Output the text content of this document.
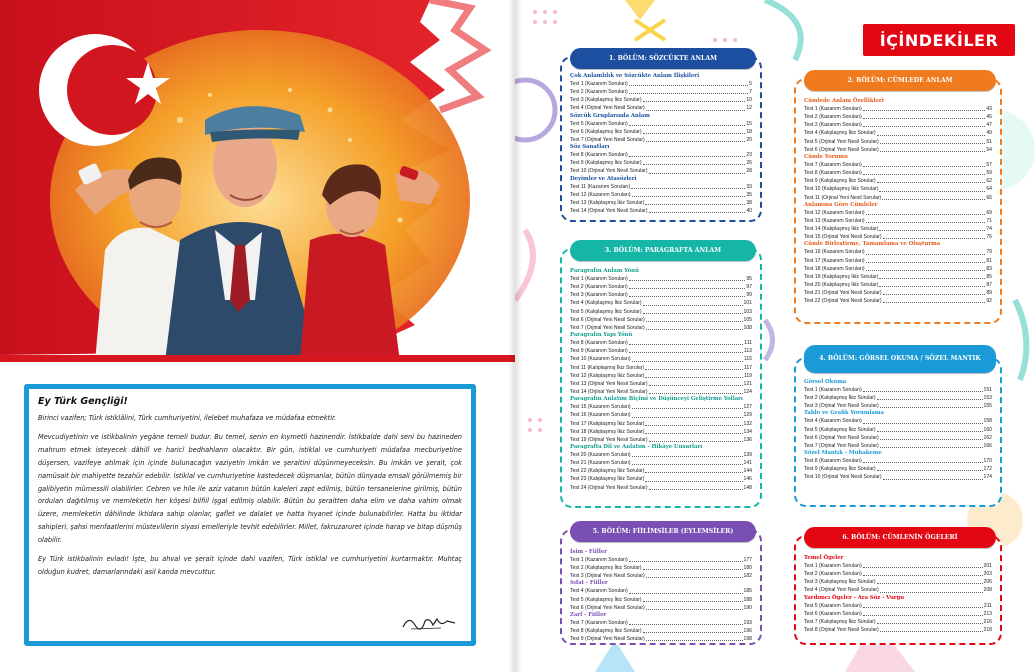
Ey Türk Gençliği!

Birinci vazifen; Türk istiklâlini, Türk cumhuriyetini, ilelebet muhafaza ve müdafaa etmektir.

Mevcudiyetinin ve istikbalinin yegâne temeli budur. Bu temel, senin en kıymetli hazinendir. İstikbalde dahi seni bu hazineden mahrum etmek isteyecek dâhilî ve haricî bedhahların olacaktır. Bir gün, istiklal ve cumhuriyeti müdafaa mecburiyetine düşersen, vazifeye atılmak için içinde bulunacağın vaziyetin imkân ve şeraitini düşünmeyeceksin. Bu imkân ve şerait, çok namüsait bir mahiyette tezahür edebilir. İstiklal ve cumhuriyetine kastedecek düşmanlar, bütün dünyada emsali görülmemiş bir galibiyetin mümessili olabilirler. Cebren ve hile ile aziz vatanın bütün kaleleri zapt edilmiş, bütün tersanelerine girilmiş, bütün orduları dağıtılmış ve memleketin her köşesi bilfiil işgal edilmiş olabilir. Bütün bu şeraitten daha elim ve daha vahim olmak üzere, memleketin dâhilinde iktidara sahip olanlar, gaflet ve dalalet ve hatta hıyanet içinde bulunabilirler. Hatta bu iktidar sahipleri, şahsi menfaatlerini müstevlilerin siyasi emelleriyle tevhit edebilirler. Millet, fakruzaruret içinde harap ve bitap düşmüş olabilir.

Ey Türk istikbalinin evladı! İşte, bu ahval ve şerait içinde dahi vazifen, Türk istiklal ve cumhuriyetini kurtarmaktır. Muhtaç olduğun kudret, damarlarındaki asil kanda mevcuttur.

İÇİNDEKİLER
1. BÖLÜM: SÖZCÜKTE ANLAM
Çok Anlamlılık ve Sözcükte Anlam İlişkileri
Test 1 (Kazanım Soruları)	5
Test 2 (Kazanım Soruları)	7
Test 3 (Kalıplaşmış İkiz Sorular)	10
Test 4 (Orjinal Yeni Nesil Sorular)	12
Sözcük Gruplarında Anlam
Test 5 (Kazanım Soruları)	15
Test 6 (Kalıplaşmış İkiz Sorular)	18
Test 7 (Orjinal Yeni Nesil Sorular)	20
Söz Sanatları
Test 8 (Kazanım Soruları)	23
Test 9 (Kalıplaşmış İkiz Sorular)	26
Test 10 (Orjinal Yeni Nesil Sorular)	28
Deyimler ve Atasözleri
Test 11 (Kazanım Soruları)	33
Test 12 (Kazanım Soruları)	35
Test 13 (Kalıplaşmış İkiz Sorular)	38
Test 14 (Orjinal Yeni Nesil Sorular)	40
3. BÖLÜM: PARAGRAFTA ANLAM
Paragrafın Anlam Yönü
Test 1 (Kazanım Soruları)	95
Test 2 (Kazanım Soruları)	97
Test 3 (Kazanım Soruları)	99
Test 4 (Kalıplaşmış İkiz Sorular)	101
Test 5 (Kalıplaşmış İkiz Sorular)	103
Test 6 (Orjinal Yeni Nesil Sorular)	105
Test 7 (Orjinal Yeni Nesil Sorular)	108
Paragrafın Yapı Yönü
Test 8 (Kazanım Soruları)	111
Test 9 (Kazanım Soruları)	113
Test 10 (Kazanım Soruları)	115
Test 11 (Kalıplaşmış İkiz Sorular)	117
Test 12 (Kalıplaşmış İkiz Sorular)	119
Test 13 (Orjinal Yeni Nesil Sorular)	121
Test 14 (Orjinal Yeni Nesil Sorular)	124
Paragrafın Anlatım Biçimi ve Düşünceyi Geliştirme Yolları
Test 15 (Kazanım Soruları)	127
Test 16 (Kazanım Soruları)	129
Test 17 (Kalıplaşmış İkiz Sorular)	132
Test 18 (Kalıplaşmış İkiz Sorular)	134
Test 19 (Orjinal Yeni Nesil Sorular)	136
Paragrafta Dil ve Anlatım - Hikâye Unsurları
Test 20 (Kazanım Soruları)	139
Test 21 (Kazanım Soruları)	141
Test 22 (Kalıplaşmış İkiz Sorular)	144
Test 23 (Kalıplaşmış İkiz Sorular)	146
Test 24 (Orjinal Yeni Nesil Sorular)	148
5. BÖLÜM: FİİLİMSİLER (EYLEMSİLER)
İsim - Fiiller
Test 1 (Kazanım Soruları)	177
Test 2 (Kalıplaşmış İkiz Sorular)	180
Test 3 (Orjinal Yeni Nesil Sorular)	182
Sıfat - Fiiller
Test 4 (Kazanım Soruları)	185
Test 5 (Kalıplaşmış İkiz Sorular)	188
Test 6 (Orjinal Yeni Nesil Sorular)	190
Zarf - Fiiller
Test 7 (Kazanım Soruları)	193
Test 8 (Kalıplaşmış İkiz Sorular)	196
Test 9 (Orjinal Yeni Nesil Sorular)	198
2. BÖLÜM: CÜMLEDE ANLAM
Cümlede Anlam Özellikleri
Test 1 (Kazanım Soruları)	43
Test 2 (Kazanım Soruları)	45
Test 3 (Kazanım Soruları)	47
Test 4 (Kalıplaşmış İkiz Sorular)	49
Test 5 (Orjinal Yeni Nesil Sorular)	51
Test 6 (Orjinal Yeni Nesil Sorular)	54
Cümle Yorumu
Test 7 (Kazanım Soruları)	57
Test 8 (Kazanım Soruları)	59
Test 9 (Kalıplaşmış İkiz Sorular)	62
Test 10 (Kalıplaşmış İkiz Sorular)	64
Test 11 (Orjinal Yeni Nesil Sorular)	66
Anlamına Göre Cümleler
Test 12 (Kazanım Soruları)	69
Test 13 (Kazanım Soruları)	71
Test 14 (Kalıplaşmış İkiz Sorular)	74
Test 15 (Orjinal Yeni Nesil Sorular)	76
Cümle Birleştirme, Tamamlama ve Oluşturma
Test 16 (Kazanım Soruları)	79
Test 17 (Kazanım Soruları)	81
Test 18 (Kazanım Soruları)	83
Test 19 (Kalıplaşmış İkiz Sorular)	85
Test 20 (Kalıplaşmış İkiz Sorular)	87
Test 21 (Orjinal Yeni Nesil Sorular)	89
Test 22 (Orjinal Yeni Nesil Sorular)	92
4. BÖLÜM: GÖRSEL OKUMA / SÖZEL MANTIK
Görsel Okuma
Test 1 (Kazanım Soruları)	151
Test 2 (Kalıplaşmış İkiz Sorular)	153
Test 3 (Orjinal Yeni Nesil Sorular)	155
Tablo ve Grafik Yorumlama
Test 4 (Kazanım Soruları)	158
Test 5 (Kalıplaşmış İkiz Sorular)	160
Test 6 (Orjinal Yeni Nesil Sorular)	162
Test 7 (Orjinal Yeni Nesil Sorular)	166
Sözel Mantık - Muhakeme
Test 8 (Kazanım Soruları)	170
Test 9 (Kalıplaşmış İkiz Sorular)	172
Test 10 (Orjinal Yeni Nesil Sorular)	174
6. BÖLÜM: CÜMLENİN ÖGELERİ
Temel Ögeler
Test 1 (Kazanım Soruları)	201
Test 2 (Kazanım Soruları)	203
Test 3 (Kalıplaşmış İkiz Sorular)	206
Test 4 (Orjinal Yeni Nesil Sorular)	208
Yardımcı Ögeler - Ara Söz - Vurgu
Test 5 (Kazanım Soruları)	211
Test 6 (Kazanım Soruları)	213
Test 7 (Kalıplaşmış İkiz Sorular)	216
Test 8 (Orjinal Yeni Nesil Sorular)	218
